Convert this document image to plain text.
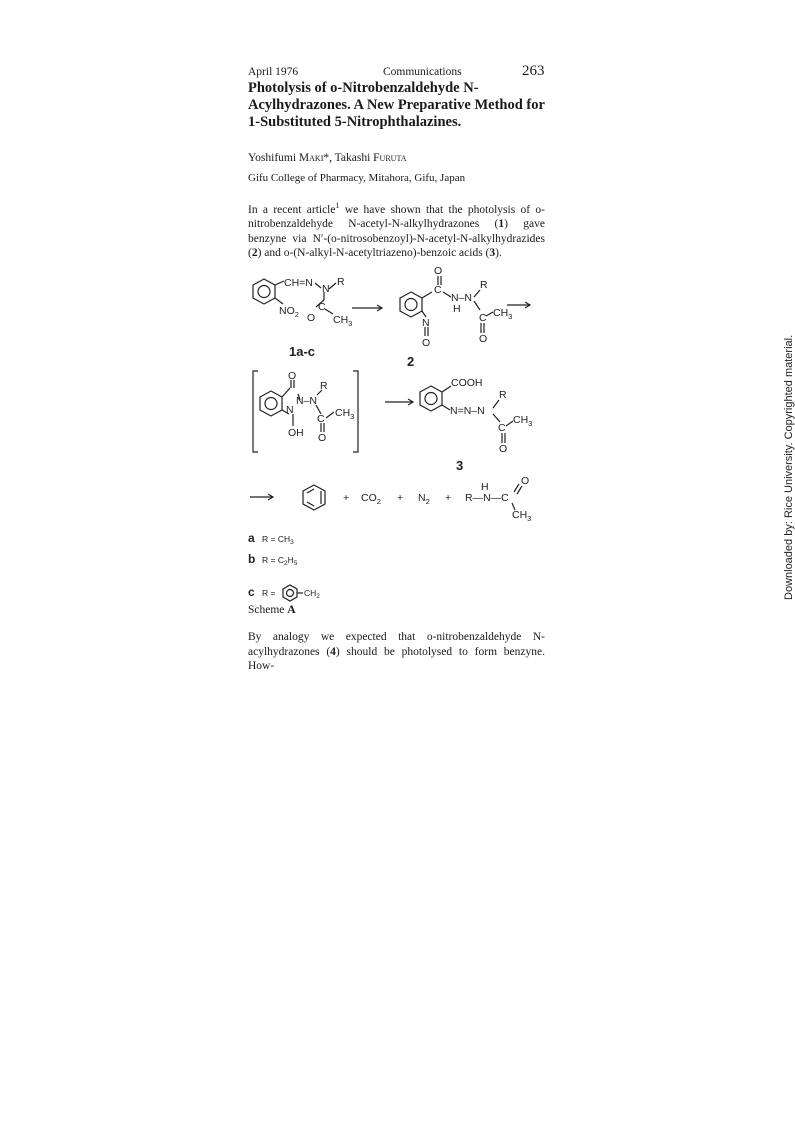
April 1976	Communications	263
Photolysis of o-Nitrobenzaldehyde N-Acylhydrazones. A New Preparative Method for 1-Substituted 5-Nitrophthalazines.
Yoshifumi Maki*, Takashi Furuta
Gifu College of Pharmacy, Mitahora, Gifu, Japan
In a recent article$^1$ we have shown that the photolysis of o-nitrobenzaldehyde N-acetyl-N-alkylhydrazones (1) gave benzyne via N′-(o-nitrosobenzoyl)-N-acetyl-N-alkylhydrazides (2) and o-(N-alkyl-N-acetyltriazeno)-benzoic acids (3).
CH=N N
R
$NO_2$ O
C
$CH_3$
O
C
N–N
H
R
C $CH_3$
O
N
O
O
N–N
R
N
OH
C $CH_3$
O
COOH
N=N–N
R
C
$CH_3$
O
+ $CO_2 + N_2$ + R—N—C
H	O
$CH_3$
1a-c
2
3
a $R = CH_3$
b $R = C_2H_5$
c R =	$CH_2$
Scheme A
By analogy we expected that o-nitrobenzaldehyde N-acylhydrazones (4) should be photolysed to form benzyne. How-
Downloaded by: Rice University. Copyrighted material.
